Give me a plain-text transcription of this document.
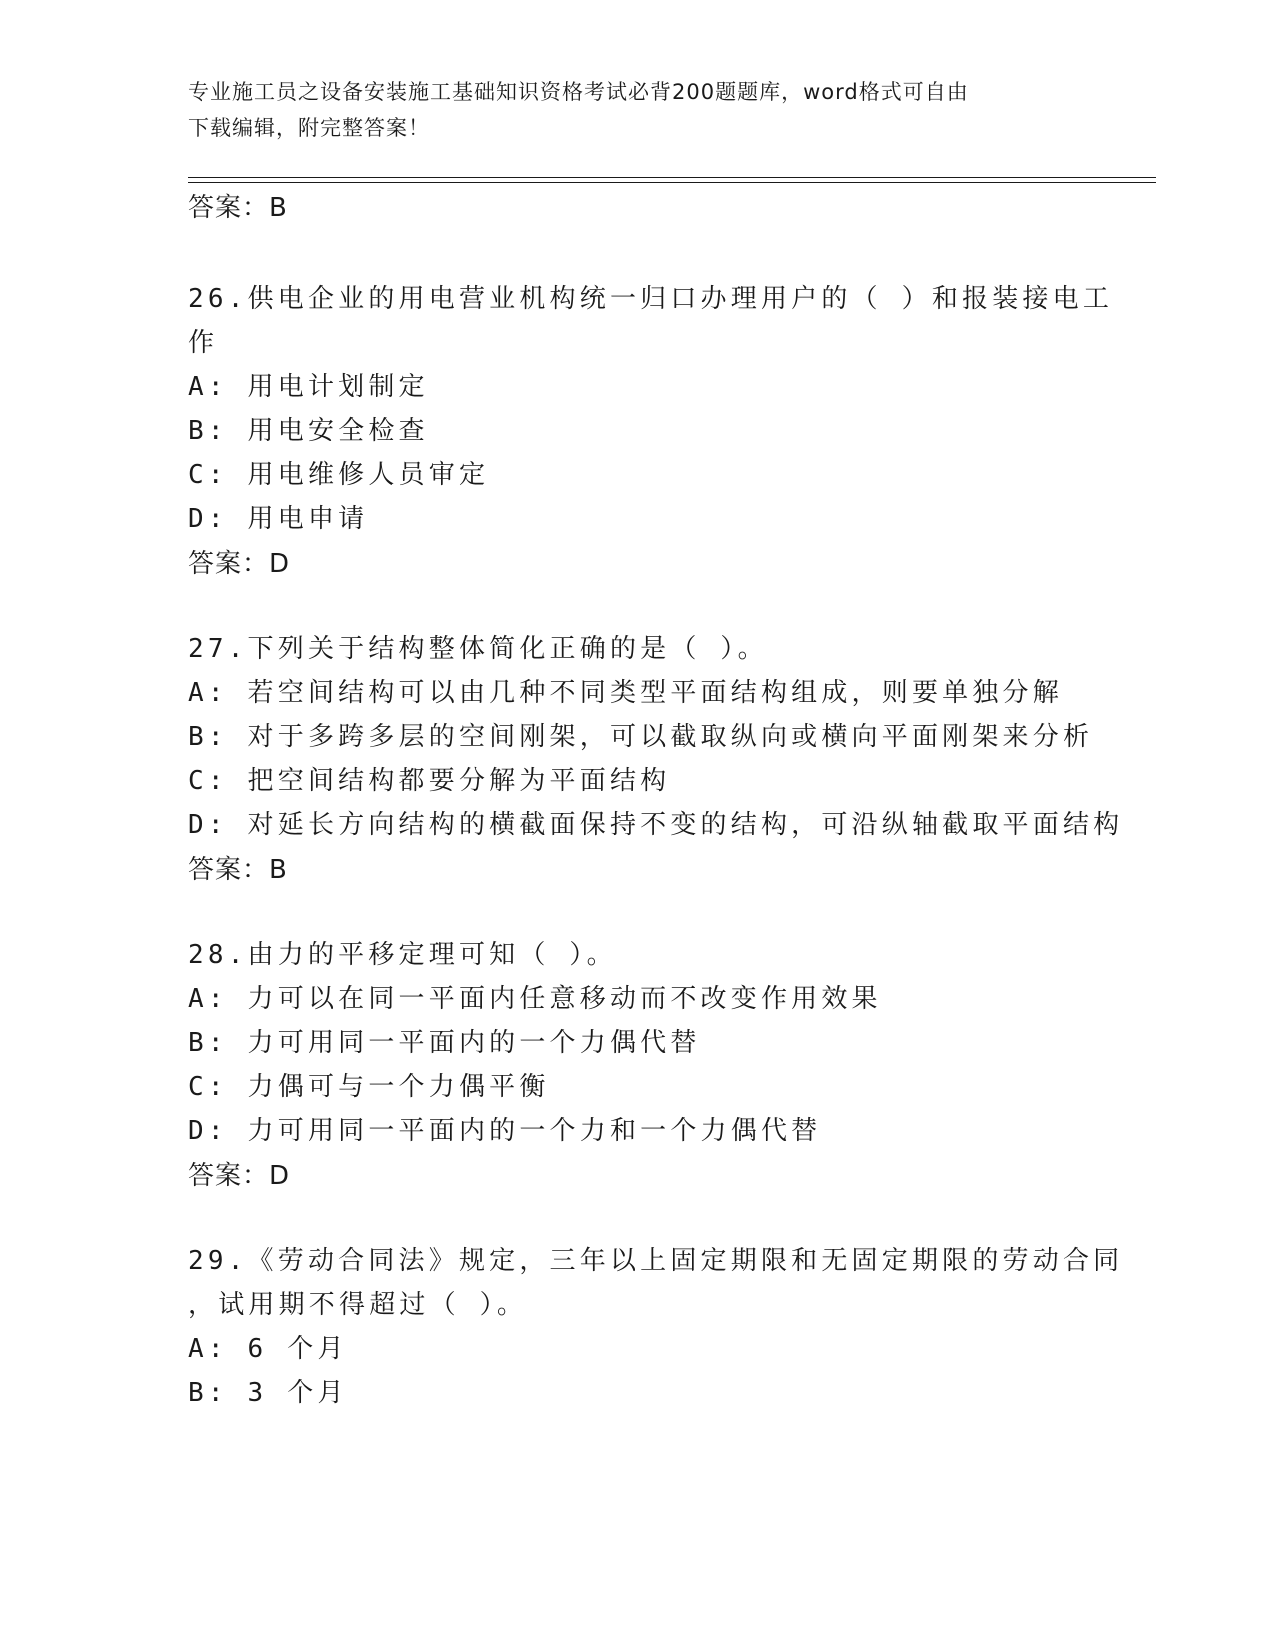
专业施工员之设备安装施工基础知识资格考试必背200题题库，word格式可自由
下载编辑，附完整答案！
答案：B
26.供电企业的用电营业机构统一归口办理用户的（ ）和报装接电工
作
A: 用电计划制定
B: 用电安全检查
C: 用电维修人员审定
D: 用电申请
答案：D
27.下列关于结构整体简化正确的是（ ）。
A: 若空间结构可以由几种不同类型平面结构组成，则要单独分解
B: 对于多跨多层的空间刚架，可以截取纵向或横向平面刚架来分析
C: 把空间结构都要分解为平面结构
D: 对延长方向结构的横截面保持不变的结构，可沿纵轴截取平面结构
答案：B
28.由力的平移定理可知（ ）。
A: 力可以在同一平面内任意移动而不改变作用效果
B: 力可用同一平面内的一个力偶代替
C: 力偶可与一个力偶平衡
D: 力可用同一平面内的一个力和一个力偶代替
答案：D
29.《劳动合同法》规定，三年以上固定期限和无固定期限的劳动合同
，试用期不得超过（ ）。
A: 6 个月
B: 3 个月
